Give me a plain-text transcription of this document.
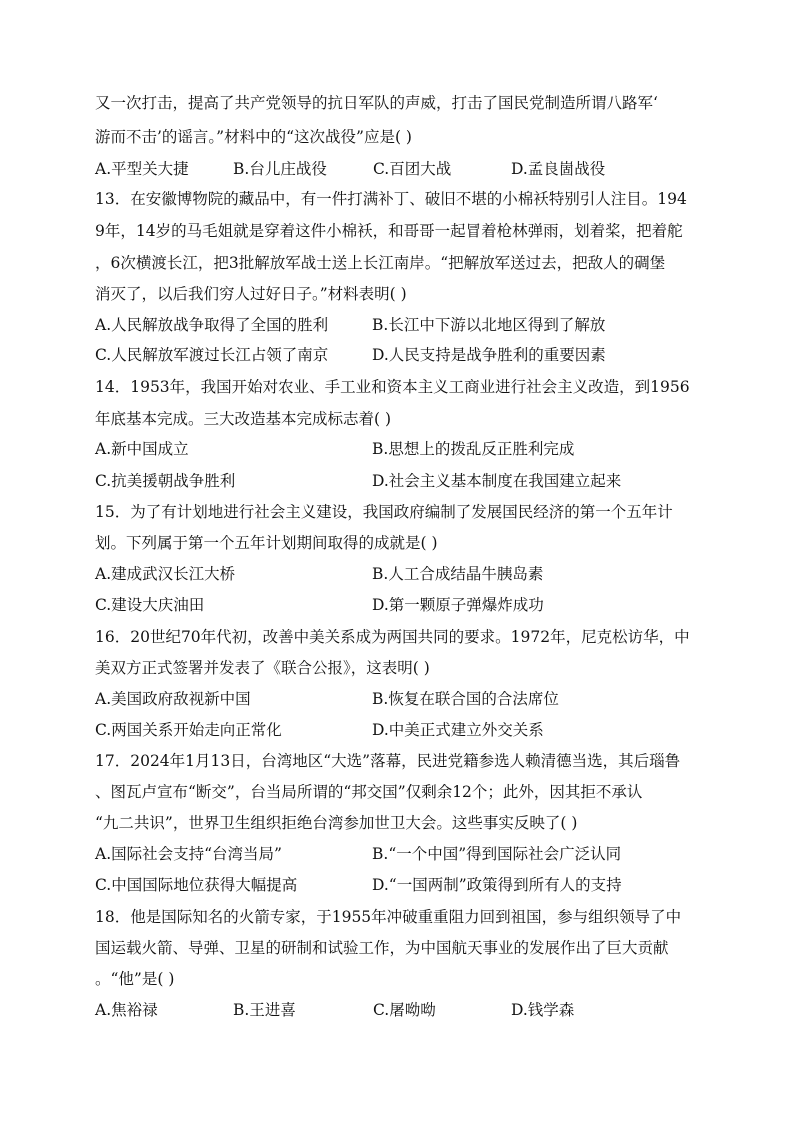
又一次打击，提高了共产党领导的抗日军队的声威，打击了国民党制造所谓八路军‘
游而不击’的谣言。”材料中的“这次战役”应是( )
A.平型关大捷	B.台儿庄战役	C.百团大战	D.孟良崮战役
13．在安徽博物院的藏品中，有一件打满补丁、破旧不堪的小棉袄特别引人注目。194
9年，14岁的马毛姐就是穿着这件小棉袄，和哥哥一起冒着枪林弹雨，划着桨，把着舵
，6次横渡长江，把3批解放军战士送上长江南岸。“把解放军送过去，把敌人的碉堡
消灭了，以后我们穷人过好日子。”材料表明( )
A.人民解放战争取得了全国的胜利	B.长江中下游以北地区得到了解放
C.人民解放军渡过长江占领了南京	D.人民支持是战争胜利的重要因素
14．1953年，我国开始对农业、手工业和资本主义工商业进行社会主义改造，到1956
年底基本完成。三大改造基本完成标志着( )
A.新中国成立	B.思想上的拨乱反正胜利完成
C.抗美援朝战争胜利	D.社会主义基本制度在我国建立起来
15．为了有计划地进行社会主义建设，我国政府编制了发展国民经济的第一个五年计
划。下列属于第一个五年计划期间取得的成就是( )
A.建成武汉长江大桥	B.人工合成结晶牛胰岛素
C.建设大庆油田	D.第一颗原子弹爆炸成功
16．20世纪70年代初，改善中美关系成为两国共同的要求。1972年，尼克松访华，中
美双方正式签署并发表了《联合公报》，这表明( )
A.美国政府敌视新中国	B.恢复在联合国的合法席位
C.两国关系开始走向正常化	D.中美正式建立外交关系
17．2024年1月13日，台湾地区“大选”落幕，民进党籍参选人赖清德当选，其后瑙鲁
、图瓦卢宣布“断交”，台当局所谓的“邦交国”仅剩余12个；此外，因其拒不承认
“九二共识”，世界卫生组织拒绝台湾参加世卫大会。这些事实反映了( )
A.国际社会支持“台湾当局”	B.“一个中国”得到国际社会广泛认同
C.中国国际地位获得大幅提高	D.“一国两制”政策得到所有人的支持
18．他是国际知名的火箭专家，于1955年冲破重重阻力回到祖国，参与组织领导了中
国运载火箭、导弹、卫星的研制和试验工作，为中国航天事业的发展作出了巨大贡献
。“他”是( )
A.焦裕禄	B.王进喜	C.屠呦呦	D.钱学森
